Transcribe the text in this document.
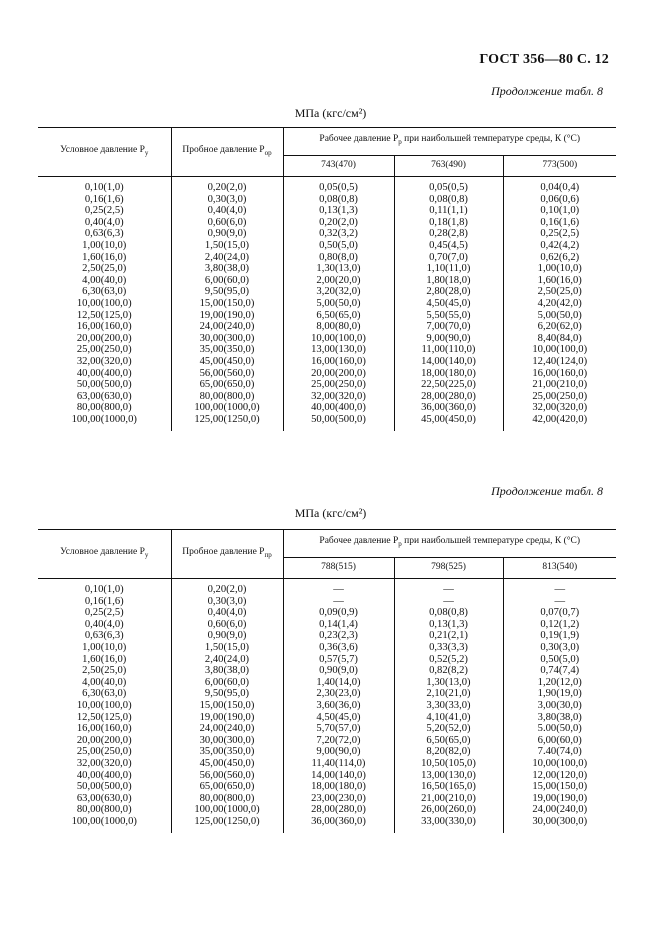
ГОСТ 356—80 С. 12
Продолжение табл. 8
МПа (кгс/см²)
Условное давление $P_у$	Пробное давление $P_{ор}$	Рабочее давление $P_р$ при наибольшей температуре среды, К (°С)		
		743(470)	763(490)	773(500)
0,10(1,0)	0,20(2,0)	0,05(0,5)	0,05(0,5)	0,04(0,4)
0,16(1,6)	0,30(3,0)	0,08(0,8)	0,08(0,8)	0,06(0,6)
0,25(2,5)	0,40(4,0)	0,13(1,3)	0,11(1,1)	0,10(1,0)
0,40(4,0)	0,60(6,0)	0,20(2,0)	0,18(1,8)	0,16(1,6)
0,63(6,3)	0,90(9,0)	0,32(3,2)	0,28(2,8)	0,25(2,5)
1,00(10,0)	1,50(15,0)	0,50(5,0)	0,45(4,5)	0,42(4,2)
1,60(16,0)	2,40(24,0)	0,80(8,0)	0,70(7,0)	0,62(6,2)
2,50(25,0)	3,80(38,0)	1,30(13,0)	1,10(11,0)	1,00(10,0)
4,00(40,0)	6,00(60,0)	2,00(20,0)	1,80(18,0)	1,60(16,0)
6,30(63,0)	9,50(95,0)	3,20(32,0)	2,80(28,0)	2,50(25,0)
10,00(100,0)	15,00(150,0)	5,00(50,0)	4,50(45,0)	4,20(42,0)
12,50(125,0)	19,00(190,0)	6,50(65,0)	5,50(55,0)	5,00(50,0)
16,00(160,0)	24,00(240,0)	8,00(80,0)	7,00(70,0)	6,20(62,0)
20,00(200,0)	30,00(300,0)	10,00(100,0)	9,00(90,0)	8,40(84,0)
25,00(250,0)	35,00(350,0)	13,00(130,0)	11,00(110,0)	10,00(100,0)
32,00(320,0)	45,00(450,0)	16,00(160,0)	14,00(140,0)	12,40(124,0)
40,00(400,0)	56,00(560,0)	20,00(200,0)	18,00(180,0)	16,00(160,0)
50,00(500,0)	65,00(650,0)	25,00(250,0)	22,50(225,0)	21,00(210,0)
63,00(630,0)	80,00(800,0)	32,00(320,0)	28,00(280,0)	25,00(250,0)
80,00(800,0)	100,00(1000,0)	40,00(400,0)	36,00(360,0)	32,00(320,0)
100,00(1000,0)	125,00(1250,0)	50,00(500,0)	45,00(450,0)	42,00(420,0)
Продолжение табл. 8
МПа (кгс/см²)
Условное давление $P_у$	Пробное давление $P_{пр}$	Рабочее давление $P_р$ при наибольшей температуре среды, К (°С)		
		788(515)	798(525)	813(540)
0,10(1,0)	0,20(2,0)	—	—	—
0,16(1,6)	0,30(3,0)	—	—	—
0,25(2,5)	0,40(4,0)	0,09(0,9)	0,08(0,8)	0,07(0,7)
0,40(4,0)	0,60(6,0)	0,14(1,4)	0,13(1,3)	0,12(1,2)
0,63(6,3)	0,90(9,0)	0,23(2,3)	0,21(2,1)	0,19(1,9)
1,00(10,0)	1,50(15,0)	0,36(3,6)	0,33(3,3)	0,30(3,0)
1,60(16,0)	2,40(24,0)	0,57(5,7)	0,52(5,2)	0,50(5,0)
2,50(25,0)	3,80(38,0)	0,90(9,0)	0,82(8,2)	0,74(7,4)
4,00(40,0)	6,00(60,0)	1,40(14,0)	1,30(13,0)	1,20(12,0)
6,30(63,0)	9,50(95,0)	2,30(23,0)	2,10(21,0)	1,90(19,0)
10,00(100,0)	15,00(150,0)	3,60(36,0)	3,30(33,0)	3,00(30,0)
12,50(125,0)	19,00(190,0)	4,50(45,0)	4,10(41,0)	3,80(38,0)
16,00(160,0)	24,00(240,0)	5,70(57,0)	5,20(52,0)	5.00(50,0)
20,00(200,0)	30,00(300,0)	7,20(72,0)	6,50(65,0)	6,00(60,0)
25,00(250,0)	35,00(350,0)	9,00(90,0)	8,20(82,0)	7.40(74,0)
32,00(320,0)	45,00(450,0)	11,40(114,0)	10,50(105,0)	10,00(100,0)
40,00(400,0)	56,00(560,0)	14,00(140,0)	13,00(130,0)	12,00(120,0)
50,00(500,0)	65,00(650,0)	18,00(180,0)	16,50(165,0)	15,00(150,0)
63,00(630,0)	80,00(800,0)	23,00(230,0)	21,00(210,0)	19,00(190,0)
80,00(800,0)	100,00(1000,0)	28,00(280,0)	26,00(260,0)	24,00(240,0)
100,00(1000,0)	125,00(1250,0)	36,00(360,0)	33,00(330,0)	30,00(300,0)
